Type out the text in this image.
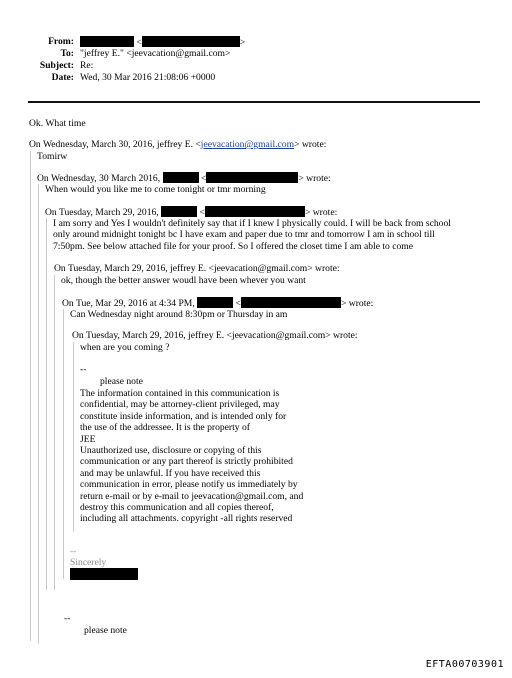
From:	<	>
To: "jeffrey E." <jeevacation@gmail.com>
Subject: Re:
Date: Wed, 30 Mar 2016 21:08:06 +0000
Ok. What time
On Wednesday, March 30, 2016, jeffrey E. <jeevacation@gmail.com> wrote:
Tomirw
On Wednesday, 30 March 2016,	<	> wrote:
When would you like me to come tonight or tmr morning
On Tuesday, March 29, 2016,	<	> wrote:
I am sorry and Yes I wouldn't definitely say that if I knew I physically could. I will be back from school
only around midnight tonight bc I have exam and paper due to tmr and tomorrow I am in school till
7:50pm. See below attached file for your proof. So I offered the closet time I am able to come
On Tuesday, March 29, 2016, jeffrey E. <jeevacation@gmail.com> wrote:
ok, though the better answer woudl have been whever you want
On Tue, Mar 29, 2016 at 4:34 PM,	<	> wrote:
Can Wednesday night around 8:30pm or Thursday in am
On Tuesday, March 29, 2016, jeffrey E. <jeevacation@gmail.com> wrote:
when are you coming ?
--
please note
The information contained in this communication is
confidential, may be attorney-client privileged, may
constitute inside information, and is intended only for
the use of the addressee. It is the property of
JEE
Unauthorized use, disclosure or copying of this
communication or any part thereof is strictly prohibited
and may be unlawful. If you have received this
communication in error, please notify us immediately by
return e-mail or by e-mail to jeevacation@gmail.com, and
destroy this communication and all copies thereof,
including all attachments. copyright -all rights reserved
--
Sincerely
--
please note
EFTA00703901
